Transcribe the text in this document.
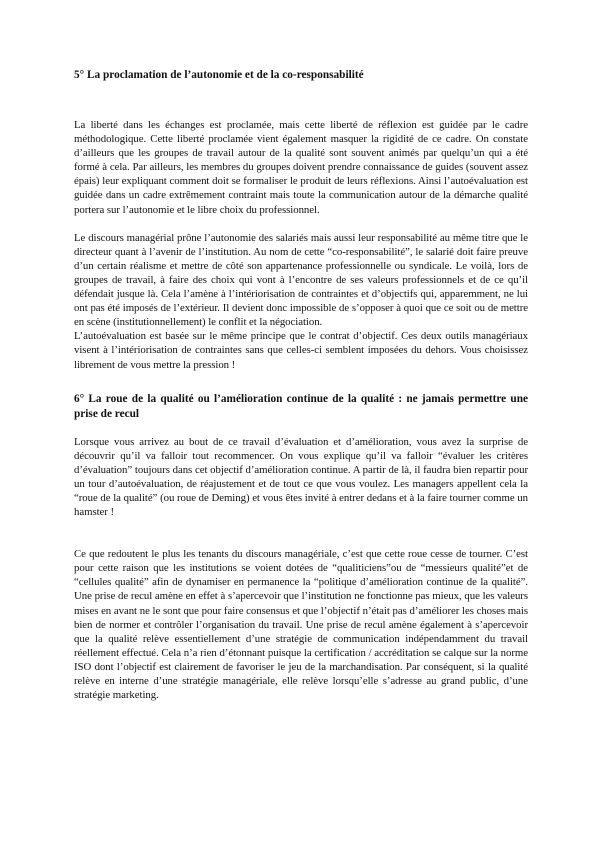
5° La proclamation de l’autonomie et de la co-responsabilité

La liberté dans les échanges est proclamée, mais cette liberté de réflexion est guidée par le cadre méthodologique. Cette liberté proclamée vient également masquer la rigidité de ce cadre. On constate d’ailleurs que les groupes de travail autour de la qualité sont souvent animés par quelqu’un qui a été formé à cela. Par ailleurs, les membres du groupes doivent prendre connaissance de guides (souvent assez épais) leur expliquant comment doit se formaliser le produit de leurs réflexions. Ainsi l’autoévaluation est guidée dans un cadre extrêmement contraint mais toute la communication autour de la démarche qualité portera sur l’autonomie et le libre choix du professionnel.

Le discours managérial prône l’autonomie des salariés mais aussi leur responsabilité au même titre que le directeur quant à l’avenir de l’institution. Au nom de cette “co-responsabilité”, le salarié doit faire preuve d’un certain réalisme et mettre de côté son appartenance professionnelle ou syndicale. Le voilà, lors de groupes de travail, à faire des choix qui vont à l’encontre de ses valeurs professionnels et de ce qu’il défendait jusque là. Cela l’amène à l’intériorisation de contraintes et d’objectifs qui, apparemment, ne lui ont pas été imposés de l’extérieur. Il devient donc impossible de s’opposer à quoi que ce soit ou de mettre en scène (institutionnellement) le conflit et la négociation.

L’autoévaluation est basée sur le même principe que le contrat d’objectif. Ces deux outils managériaux visent à l’intériorisation de contraintes sans que celles-ci semblent imposées du dehors. Vous choisissez librement de vous mettre la pression !

6° La roue de la qualité ou l’amélioration continue de la qualité : ne jamais permettre une prise de recul

Lorsque vous arrivez au bout de ce travail d’évaluation et d’amélioration, vous avez la surprise de découvrir qu’il va falloir tout recommencer. On vous explique qu’il va falloir “évaluer les critères d’évaluation” toujours dans cet objectif d’amélioration continue. A partir de là, il faudra bien repartir pour un tour d’autoévaluation, de réajustement et de tout ce que vous voulez. Les managers appellent cela la “roue de la qualité” (ou roue de Deming) et vous êtes invité à entrer dedans et à la faire tourner comme un hamster !

Ce que redoutent le plus les tenants du discours managériale, c’est que cette roue cesse de tourner. C’est pour cette raison que les institutions se voient dotées de “qualiticiens”ou de “messieurs qualité”et de “cellules qualité” afin de dynamiser en permanence la “politique d’amélioration continue de la qualité”. Une prise de recul amène en effet à s’apercevoir que l’institution ne fonctionne pas mieux, que les valeurs mises en avant ne le sont que pour faire consensus et que l’objectif n’était pas d’améliorer les choses mais bien de normer et contrôler l’organisation du travail. Une prise de recul amène également à s’apercevoir que la qualité relève essentiellement d’une stratégie de communication indépendamment du travail réellement effectué. Cela n’a rien d’étonnant puisque la certification / accréditation se calque sur la norme ISO dont l’objectif est clairement de favoriser le jeu de la marchandisation. Par conséquent, si la qualité relève en interne d’une stratégie managériale, elle relève lorsqu’elle s’adresse au grand public, d’une stratégie marketing.
